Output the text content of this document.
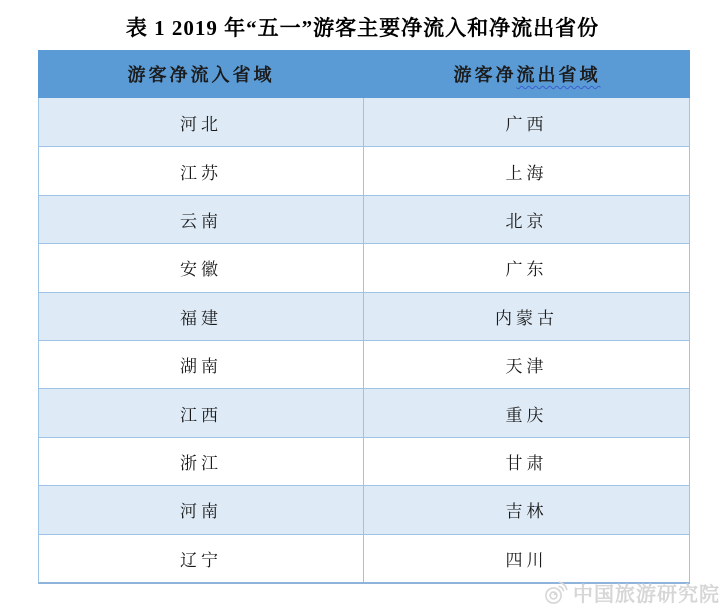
表 1 2019 年“五一”游客主要净流入和净流出省份
游客净流入省域	游客净 流出省域
河北	广西
江苏	上海
云南	北京
安徽	广东
福建	内蒙古
湖南	天津
江西	重庆
浙江	甘肃
河南	吉林
辽宁	四川
中国旅游研究院
